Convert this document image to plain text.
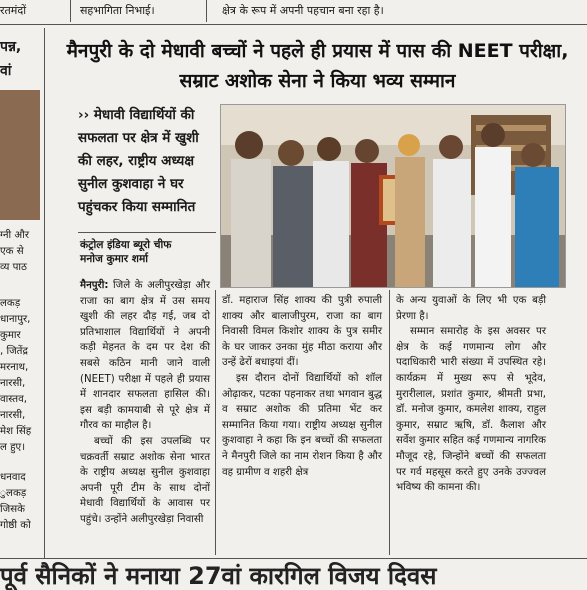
रतमंदों	सहभागिता निभाई।	क्षेत्र के रूप में अपनी पहचान बना रहा है।
पन्न,
वां
ग्नी और
एक से
व्य पाठ
लकड़
धानापुर,
कुमार
, जितेंद्र
मरनाथ,
नारसी,
वास्तव,
नारसी,
मेश सिंह
ल हुए।
धनवाद
ुलकड़
जिसके
गोष्ठी को
मैनपुरी के दो मेधावी बच्चों ने पहले ही प्रयास में पास की NEET परीक्षा, सम्राट अशोक सेना ने किया भव्य सम्मान
›› मेधावी विद्यार्थियों की सफलता पर क्षेत्र में खुशी की लहर, राष्ट्रीय अध्यक्ष सुनील कुशवाहा ने घर पहुंचकर किया सम्मानित
कंट्रोल इंडिया ब्यूरो चीफ
मनोज कुमार शर्मा

मैनपुरी: जिले के अलीपुरखेड़ा और राजा का बाग क्षेत्र में उस समय खुशी की लहर दौड़ गई, जब दो प्रतिभाशाल विद्यार्थियों ने अपनी कड़ी मेहनत के दम पर देश की सबसे कठिन मानी जाने वाली (NEET) परीक्षा में पहले ही प्रयास में शानदार सफलता हासिल की। इस बड़ी कामयाबी से पूरे क्षेत्र में गौरव का माहौल है।

बच्चों की इस उपलब्धि पर चक्रवर्ती सम्राट अशोक सेना भारत के राष्ट्रीय अध्यक्ष सुनील कुशवाहा अपनी पूरी टीम के साथ दोनों मेधावी विद्यार्थियों के आवास पर पहुंचे। उन्होंने अलीपुरखेड़ा निवासी

डॉ. महाराज सिंह शाक्य की पुत्री रुपाली शाक्य और बालाजीपुरम, राजा का बाग निवासी विमल किशोर शाक्य के पुत्र समीर के घर जाकर उनका मुंह मीठा कराया और उन्हें ढेरों बधाइयां दीं।

इस दौरान दोनों विद्यार्थियों को शॉल ओढ़ाकर, पटका पहनाकर तथा भगवान बुद्ध व सम्राट अशोक की प्रतिमा भेंट कर सम्मानित किया गया। राष्ट्रीय अध्यक्ष सुनील कुशवाहा ने कहा कि इन बच्चों की सफलता ने मैनपुरी जिले का नाम रोशन किया है और वह ग्रामीण व शहरी क्षेत्र

के अन्य युवाओं के लिए भी एक बड़ी प्रेरणा है।

सम्मान समारोह के इस अवसर पर क्षेत्र के कई गणमान्य लोग और पदाधिकारी भारी संख्या में उपस्थित रहे। कार्यक्रम में मुख्य रूप से भूदेव, मुरारीलाल, प्रशांत कुमार, श्रीमती प्रभा, डॉ. मनोज कुमार, कमलेश शाक्य, राहुल कुमार, सम्राट ऋषि, डॉ. कैलाश और सर्वेश कुमार सहित कई गणमान्य नागरिक मौजूद रहे, जिन्होंने बच्चों की सफलता पर गर्व महसूस करते हुए उनके उज्ज्वल भविष्य की कामना की।

पूर्व सैनिकों ने मनाया 27वां कारगिल विजय दिवस
